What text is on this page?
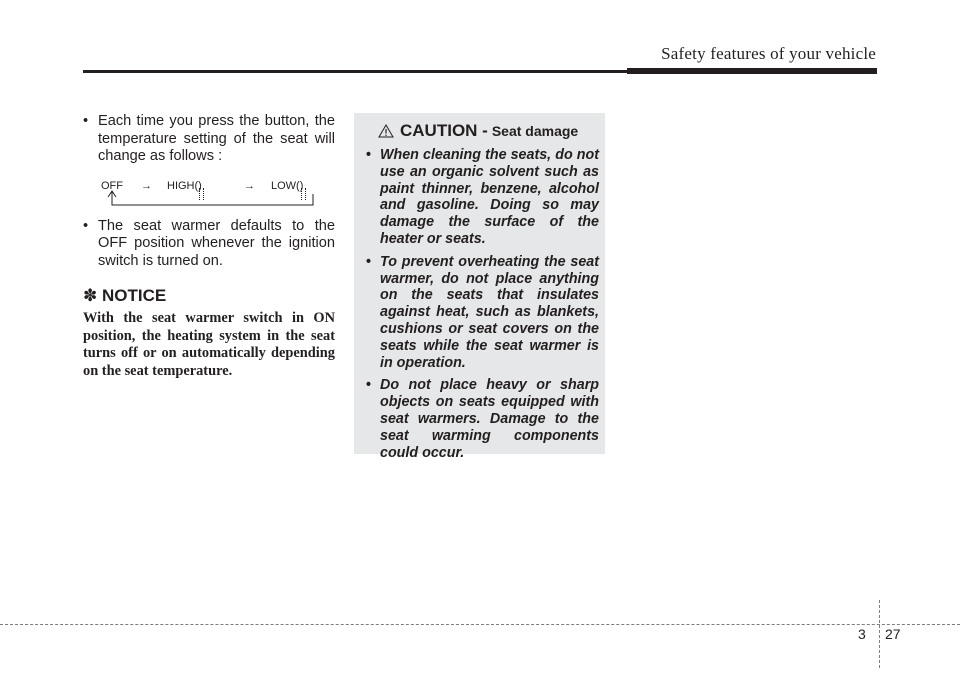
Safety features of your vehicle

• Each time you press the button, the temperature setting of the seat will change as follows :

OFF → HIGH(
)	→ LOW(
)

• The seat warmer defaults to the OFF position whenever the ignition switch is turned on.

✽ NOTICE
With the seat warmer switch in ON position, the heating system in the seat turns off or on automatically depending on the seat temperature.
CAUTION - Seat damage

• When cleaning the seats, do not use an organic solvent such as paint thinner, benzene, alcohol and gasoline. Doing so may damage the surface of the heater or seats.

• To prevent overheating the seat warmer, do not place anything on the seats that insulates against heat, such as blankets, cushions or seat covers on the seats while the seat warmer is in operation.

• Do not place heavy or sharp objects on seats equipped with seat warmers. Damage to the seat warming components could occur.

3 27
